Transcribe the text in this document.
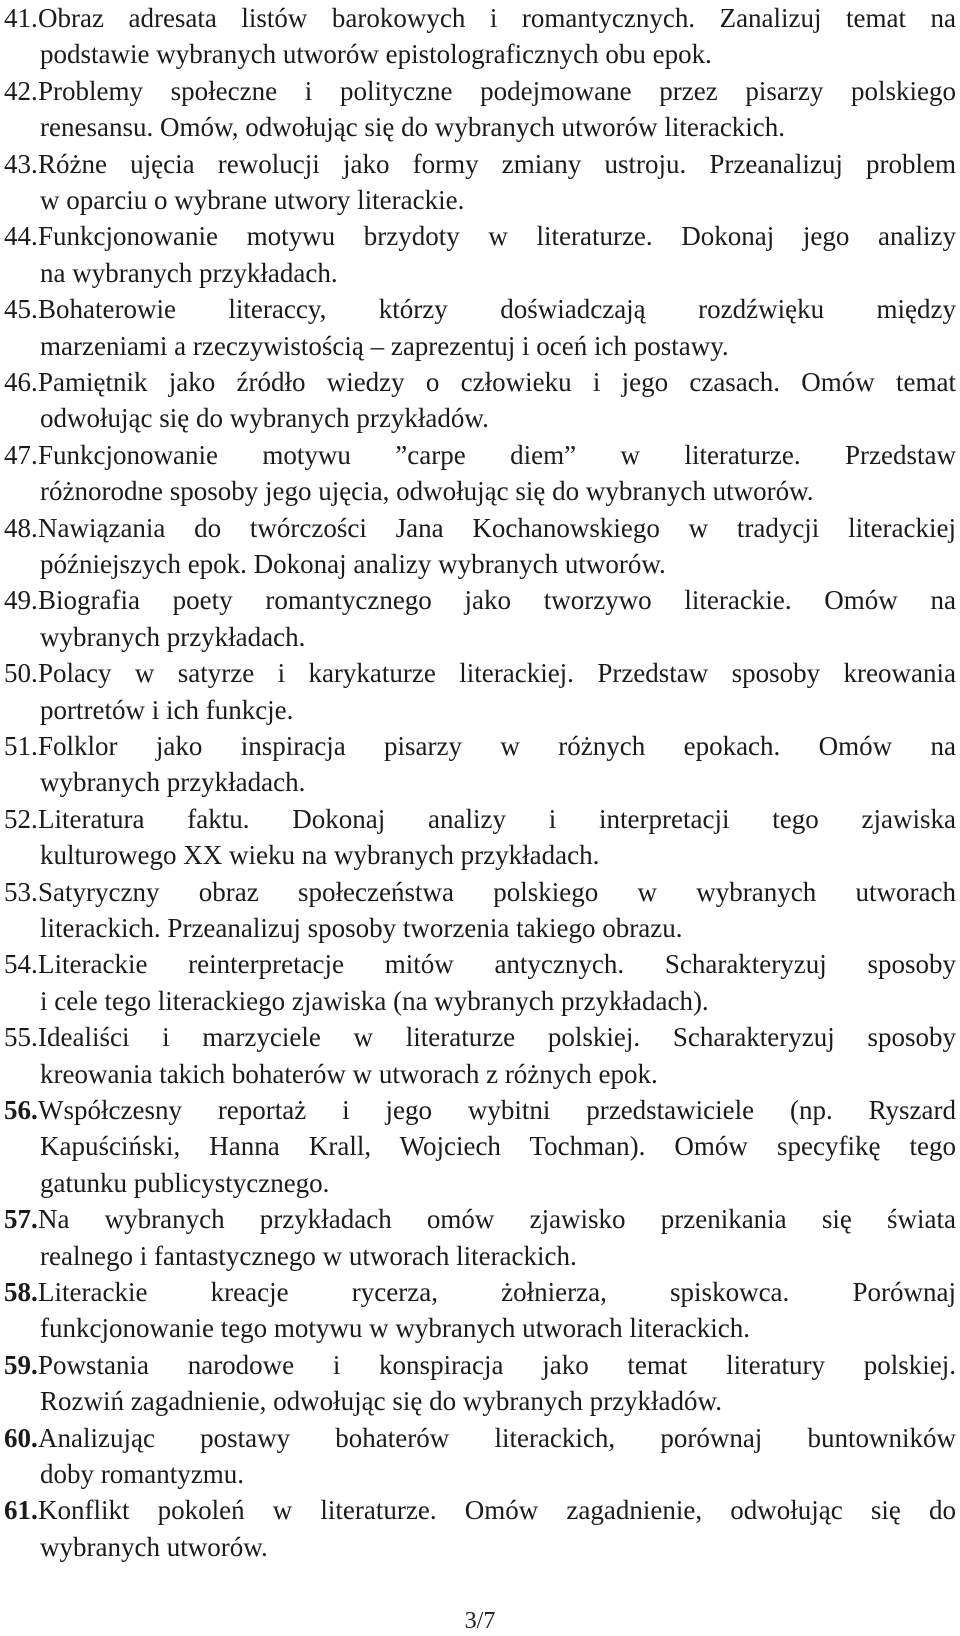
41.Obraz adresata listów barokowych i romantycznych. Zanalizuj temat na
podstawie wybranych utworów epistolograficznych obu epok.
42.Problemy społeczne i polityczne podejmowane przez pisarzy polskiego
renesansu. Omów, odwołując się do wybranych utworów literackich.
43.Różne ujęcia rewolucji jako formy zmiany ustroju. Przeanalizuj problem
w oparciu o wybrane utwory literackie.
44.Funkcjonowanie motywu brzydoty w literaturze. Dokonaj jego analizy
na wybranych przykładach.
45.Bohaterowie literaccy, którzy doświadczają rozdźwięku między
marzeniami a rzeczywistością – zaprezentuj i oceń ich postawy.
46.Pamiętnik jako źródło wiedzy o człowieku i jego czasach. Omów temat
odwołując się do wybranych przykładów.
47.Funkcjonowanie motywu ”carpe diem” w literaturze. Przedstaw
różnorodne sposoby jego ujęcia, odwołując się do wybranych utworów.
48.Nawiązania do twórczości Jana Kochanowskiego w tradycji literackiej
późniejszych epok. Dokonaj analizy wybranych utworów.
49.Biografia poety romantycznego jako tworzywo literackie. Omów na
wybranych przykładach.
50.Polacy w satyrze i karykaturze literackiej. Przedstaw sposoby kreowania
portretów i ich funkcje.
51.Folklor jako inspiracja pisarzy w różnych epokach. Omów na
wybranych przykładach.
52.Literatura faktu. Dokonaj analizy i interpretacji tego zjawiska
kulturowego XX wieku na wybranych przykładach.
53.Satyryczny obraz społeczeństwa polskiego w wybranych utworach
literackich. Przeanalizuj sposoby tworzenia takiego obrazu.
54.Literackie reinterpretacje mitów antycznych. Scharakteryzuj sposoby
i cele tego literackiego zjawiska (na wybranych przykładach).
55.Idealiści i marzyciele w literaturze polskiej. Scharakteryzuj sposoby
kreowania takich bohaterów w utworach z różnych epok.
56.Współczesny reportaż i jego wybitni przedstawiciele (np. Ryszard
Kapuściński, Hanna Krall, Wojciech Tochman). Omów specyfikę tego
gatunku publicystycznego.
57.Na wybranych przykładach omów zjawisko przenikania się świata
realnego i fantastycznego w utworach literackich.
58.Literackie kreacje rycerza, żołnierza, spiskowca. Porównaj
funkcjonowanie tego motywu w wybranych utworach literackich.
59.Powstania narodowe i konspiracja jako temat literatury polskiej.
Rozwiń zagadnienie, odwołując się do wybranych przykładów.
60.Analizując postawy bohaterów literackich, porównaj buntowników
doby romantyzmu.
61.Konflikt pokoleń w literaturze. Omów zagadnienie, odwołując się do
wybranych utworów.
3/7
